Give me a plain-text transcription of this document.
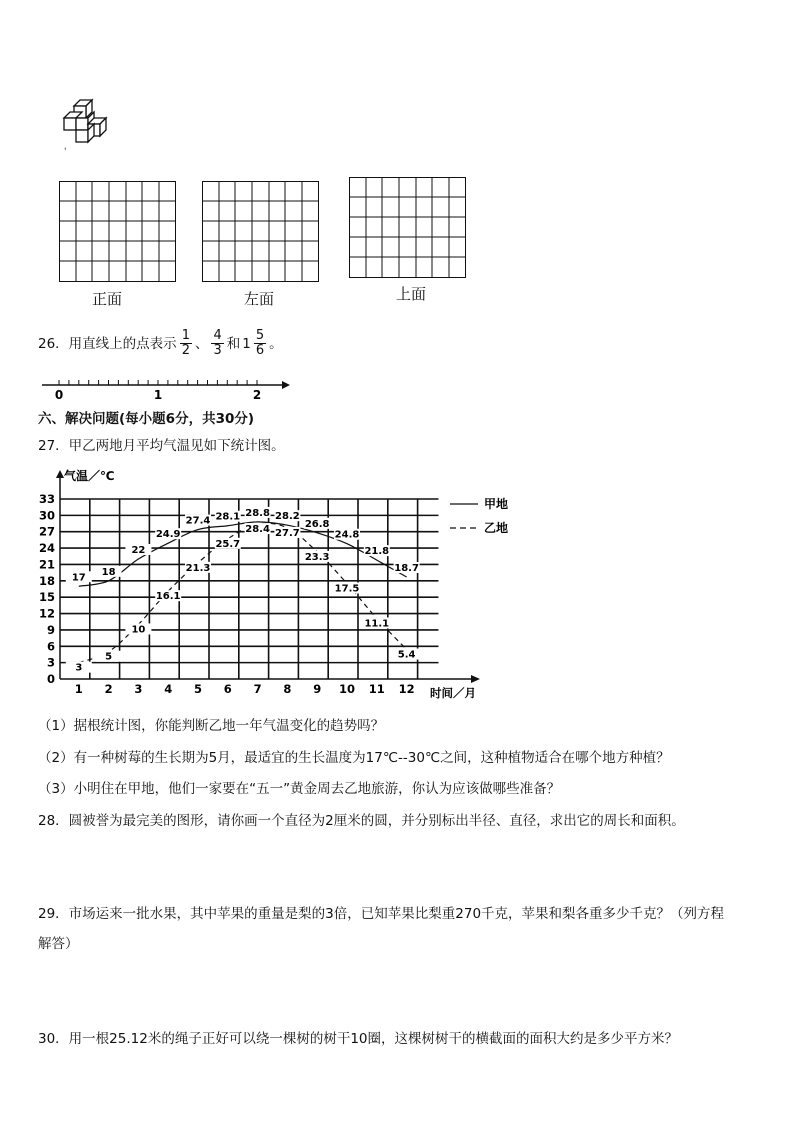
'
正面	左面	上面
26．用直线上的点表示 $\frac{1}{2}$ 、 $\frac{4}{3}$ 和 $1 \frac{5}{6}$ 。
0	1	2
六、解决问题(每小题6分，共30分)
27．甲乙两地月平均气温见如下统计图。
0
3
6
9
12
15
18
21
24
27
30
33
1 2 3 4 5 6 7 8 9 10 11 12
17 18
22
24.9
27.4 28.1 28.8 28.2
26.8
24.8
21.8
18.7
3
5
10
16.1
21.3
25.7
28.4 27.7
23.3
17.5
11.1
5.4
气温／℃
时间／月
甲地
乙地
（1）据根统计图，你能判断乙地一年气温变化的趋势吗？
（2）有一种树莓的生长期为5月，最适宜的生长温度为17℃--30℃之间，这种植物适合在哪个地方种植？
（3）小明住在甲地，他们一家要在“五一”黄金周去乙地旅游，你认为应该做哪些准备？
28．圆被誉为最完美的图形，请你画一个直径为2厘米的圆，并分别标出半径、直径，求出它的周长和面积。
29．市场运来一批水果，其中苹果的重量是梨的3倍，已知苹果比梨重270千克，苹果和梨各重多少千克？（列方程
解答）
30．用一根25.12米的绳子正好可以绕一棵树的树干10圈，这棵树树干的横截面的面积大约是多少平方米？
